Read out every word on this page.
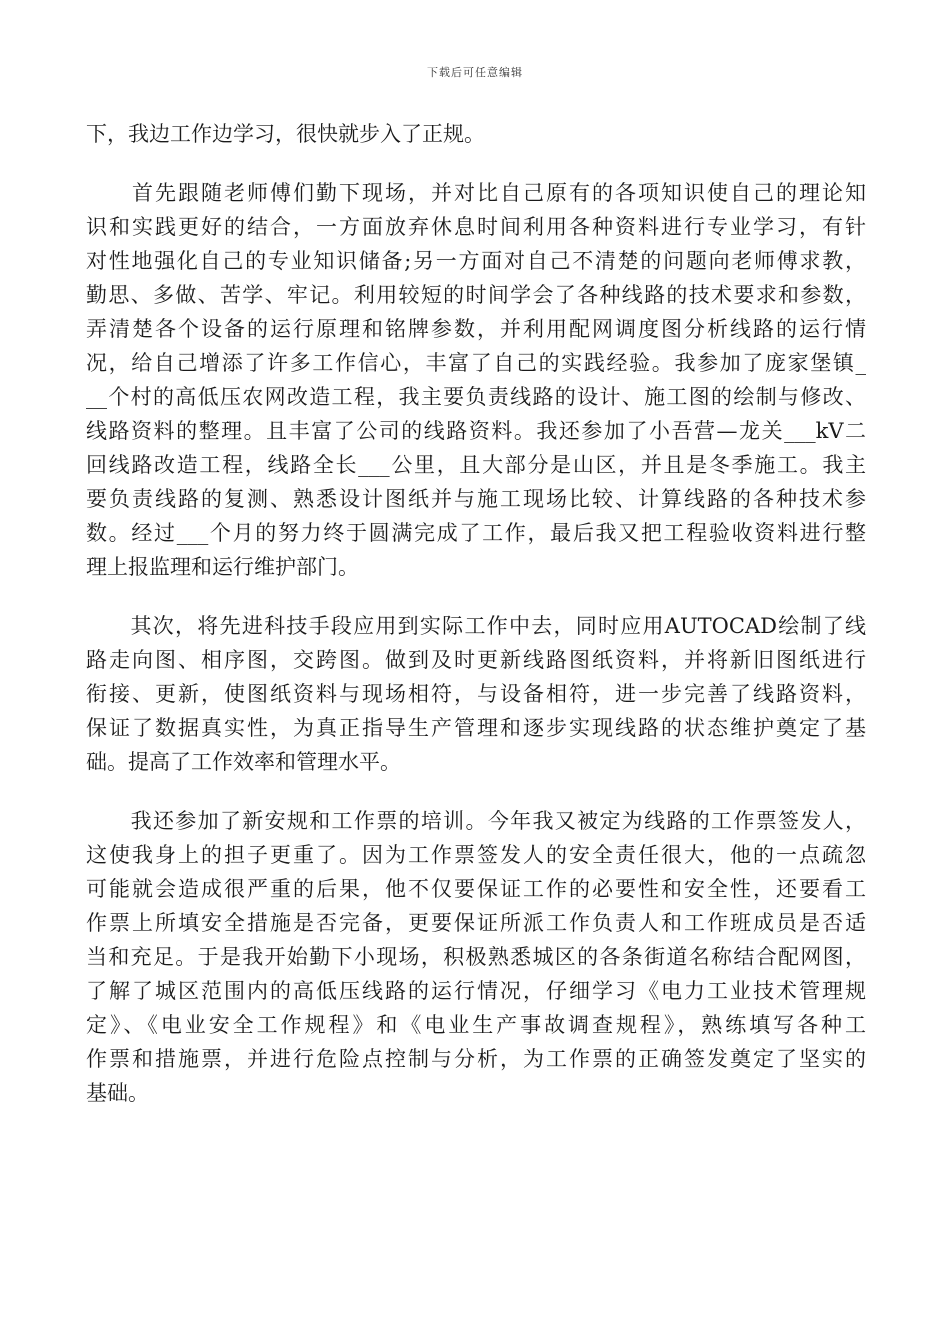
下载后可任意编辑
下，我边工作边学习，很快就步入了正规。
　　首先跟随老师傅们勤下现场，并对比自己原有的各项知识使自己的理论知
识和实践更好的结合，一方面放弃休息时间利用各种资料进行专业学习，有针
对性地强化自己的专业知识储备;另一方面对自己不清楚的问题向老师傅求教，
勤思、多做、苦学、牢记。利用较短的时间学会了各种线路的技术要求和参数，
弄清楚各个设备的运行原理和铭牌参数，并利用配网调度图分析线路的运行情
况，给自己增添了许多工作信心，丰富了自己的实践经验。我参加了庞家堡镇_
__个村的高低压农网改造工程，我主要负责线路的设计、施工图的绘制与修改、
线路资料的整理。且丰富了公司的线路资料。我还参加了小吾营—龙关___kV二
回线路改造工程，线路全长___公里，且大部分是山区，并且是冬季施工。我主
要负责线路的复测、熟悉设计图纸并与施工现场比较、计算线路的各种技术参
数。经过___个月的努力终于圆满完成了工作，最后我又把工程验收资料进行整
理上报监理和运行维护部门。
　　其次，将先进科技手段应用到实际工作中去，同时应用AUTOCAD绘制了线
路走向图、相序图，交跨图。做到及时更新线路图纸资料，并将新旧图纸进行
衔接、更新，使图纸资料与现场相符，与设备相符，进一步完善了线路资料，
保证了数据真实性，为真正指导生产管理和逐步实现线路的状态维护奠定了基
础。提高了工作效率和管理水平。
　　我还参加了新安规和工作票的培训。今年我又被定为线路的工作票签发人，
这使我身上的担子更重了。因为工作票签发人的安全责任很大，他的一点疏忽
可能就会造成很严重的后果，他不仅要保证工作的必要性和安全性，还要看工
作票上所填安全措施是否完备，更要保证所派工作负责人和工作班成员是否适
当和充足。于是我开始勤下小现场，积极熟悉城区的各条街道名称结合配网图，
了解了城区范围内的高低压线路的运行情况，仔细学习《电力工业技术管理规
定》、《电业安全工作规程》和《电业生产事故调查规程》，熟练填写各种工
作票和措施票，并进行危险点控制与分析，为工作票的正确签发奠定了坚实的
基础。
